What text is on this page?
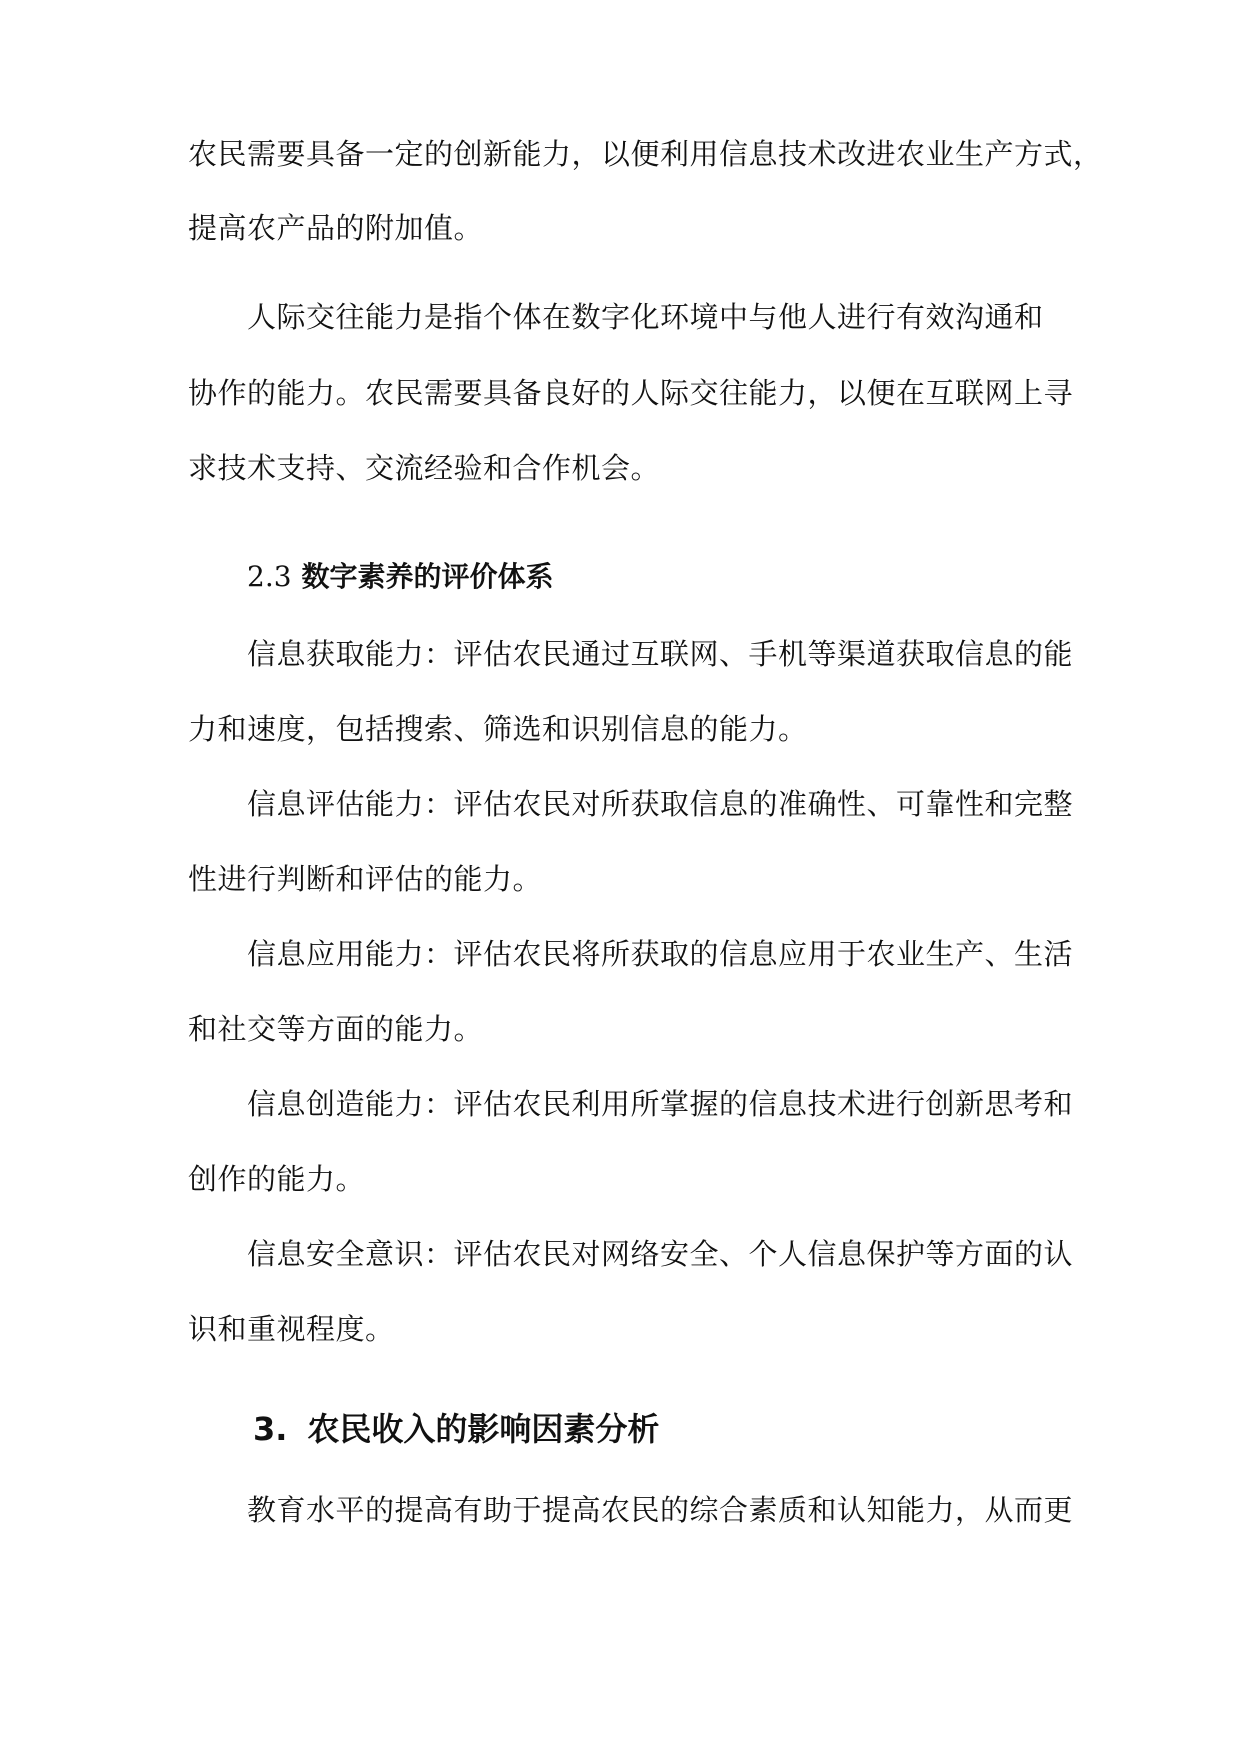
农民需要具备一定的创新能力，以便利用信息技术改进农业生产方式，
提高农产品的附加值。
人际交往能力是指个体在数字化环境中与他人进行有效沟通和
协作的能力。农民需要具备良好的人际交往能力，以便在互联网上寻
求技术支持、交流经验和合作机会。
2.3 数字素养的评价体系
信息获取能力：评估农民通过互联网、手机等渠道获取信息的能
力和速度，包括搜索、筛选和识别信息的能力。
信息评估能力：评估农民对所获取信息的准确性、可靠性和完整
性进行判断和评估的能力。
信息应用能力：评估农民将所获取的信息应用于农业生产、生活
和社交等方面的能力。
信息创造能力：评估农民利用所掌握的信息技术进行创新思考和
创作的能力。
信息安全意识：评估农民对网络安全、个人信息保护等方面的认
识和重视程度。
3. 农民收入的影响因素分析
教育水平的提高有助于提高农民的综合素质和认知能力，从而更
